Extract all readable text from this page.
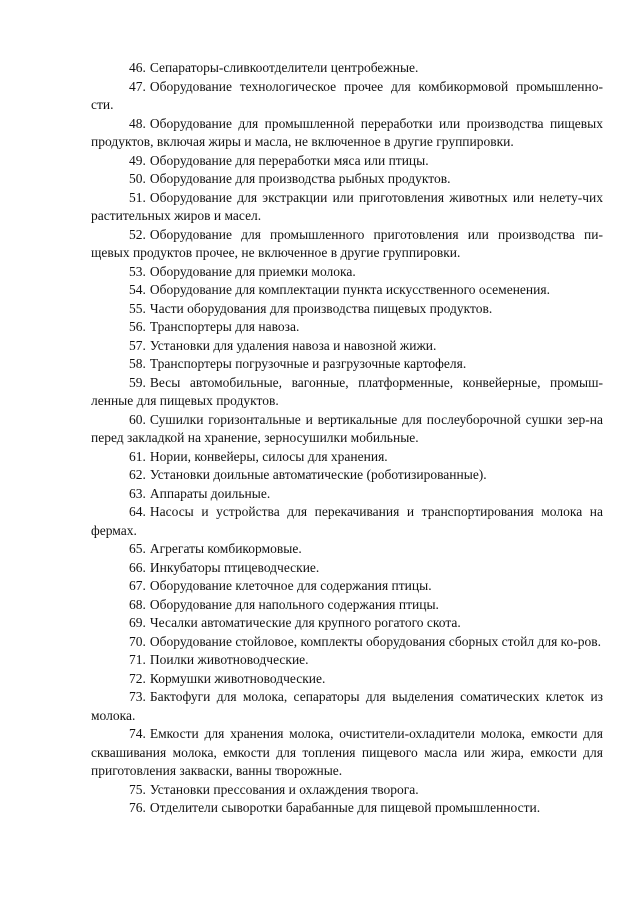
46. Сепараторы-сливкоотделители центробежные.

47. Оборудование технологическое прочее для комбикормовой промышленно-сти.

48. Оборудование для промышленной переработки или производства пищевых продуктов, включая жиры и масла, не включенное в другие группировки.

49. Оборудование для переработки мяса или птицы.

50. Оборудование для производства рыбных продуктов.

51. Оборудование для экстракции или приготовления животных или нелету-чих растительных жиров и масел.

52. Оборудование для промышленного приготовления или производства пи-щевых продуктов прочее, не включенное в другие группировки.

53. Оборудование для приемки молока.

54. Оборудование для комплектации пункта искусственного осеменения.

55. Части оборудования для производства пищевых продуктов.

56. Транспортеры для навоза.

57. Установки для удаления навоза и навозной жижи.

58. Транспортеры погрузочные и разгрузочные картофеля.

59. Весы автомобильные, вагонные, платформенные, конвейерные, промыш-ленные для пищевых продуктов.

60. Сушилки горизонтальные и вертикальные для послеуборочной сушки зер-на перед закладкой на хранение, зерносушилки мобильные.

61. Нории, конвейеры, силосы для хранения.

62. Установки доильные автоматические (роботизированные).

63. Аппараты доильные.

64. Насосы и устройства для перекачивания и транспортирования молока на фермах.

65. Агрегаты комбикормовые.

66. Инкубаторы птицеводческие.

67. Оборудование клеточное для содержания птицы.

68. Оборудование для напольного содержания птицы.

69. Чесалки автоматические для крупного рогатого скота.

70. Оборудование стойловое, комплекты оборудования сборных стойл для ко-ров.

71. Поилки животноводческие.

72. Кормушки животноводческие.

73. Бактофуги для молока, сепараторы для выделения соматических клеток из молока.

74. Емкости для хранения молока, очистители-охладители молока, емкости для сквашивания молока, емкости для топления пищевого масла или жира, емкости для приготовления закваски, ванны творожные.

75. Установки прессования и охлаждения творога.

76. Отделители сыворотки барабанные для пищевой промышленности.
